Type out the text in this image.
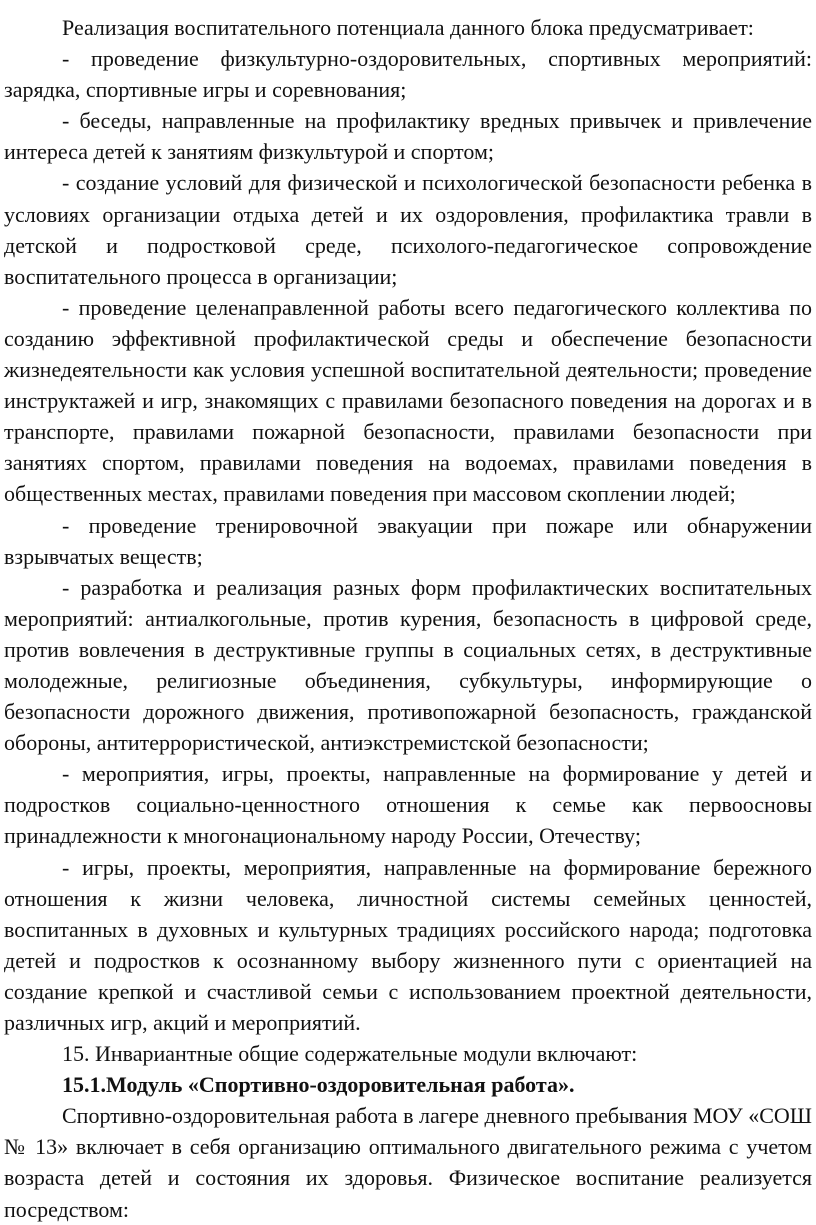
Реализация воспитательного потенциала данного блока предусматривает:

- проведение физкультурно-оздоровительных, спортивных мероприятий: зарядка, спортивные игры и соревнования;

- беседы, направленные на профилактику вредных привычек и привлечение интереса детей к занятиям физкультурой и спортом;

- создание условий для физической и психологической безопасности ребенка в условиях организации отдыха детей и их оздоровления, профилактика травли в детской и подростковой среде, психолого-педагогическое сопровождение воспитательного процесса в организации;

- проведение целенаправленной работы всего педагогического коллектива по созданию эффективной профилактической среды и обеспечение безопасности жизнедеятельности как условия успешной воспитательной деятельности; проведение инструктажей и игр, знакомящих с правилами безопасного поведения на дорогах и в транспорте, правилами пожарной безопасности, правилами безопасности при занятиях спортом, правилами поведения на водоемах, правилами поведения в общественных местах, правилами поведения при массовом скоплении людей;

- проведение тренировочной эвакуации при пожаре или обнаружении взрывчатых веществ;

- разработка и реализация разных форм профилактических воспитательных мероприятий: антиалкогольные, против курения, безопасность в цифровой среде, против вовлечения в деструктивные группы в социальных сетях, в деструктивные молодежные, религиозные объединения, субкультуры, информирующие о безопасности дорожного движения, противопожарной безопасность, гражданской обороны, антитеррористической, антиэкстремистской безопасности;

- мероприятия, игры, проекты, направленные на формирование у детей и подростков социально-ценностного отношения к семье как первоосновы принадлежности к многонациональному народу России, Отечеству;

- игры, проекты, мероприятия, направленные на формирование бережного отношения к жизни человека, личностной системы семейных ценностей, воспитанных в духовных и культурных традициях российского народа; подготовка детей и подростков к осознанному выбору жизненного пути с ориентацией на создание крепкой и счастливой семьи с использованием проектной деятельности, различных игр, акций и мероприятий.

15. Инвариантные общие содержательные модули включают:

15.1.Модуль «Спортивно-оздоровительная работа».

Спортивно-оздоровительная работа в лагере дневного пребывания МОУ «СОШ № 13» включает в себя организацию оптимального двигательного режима с учетом возраста детей и состояния их здоровья. Физическое воспитание реализуется посредством:
